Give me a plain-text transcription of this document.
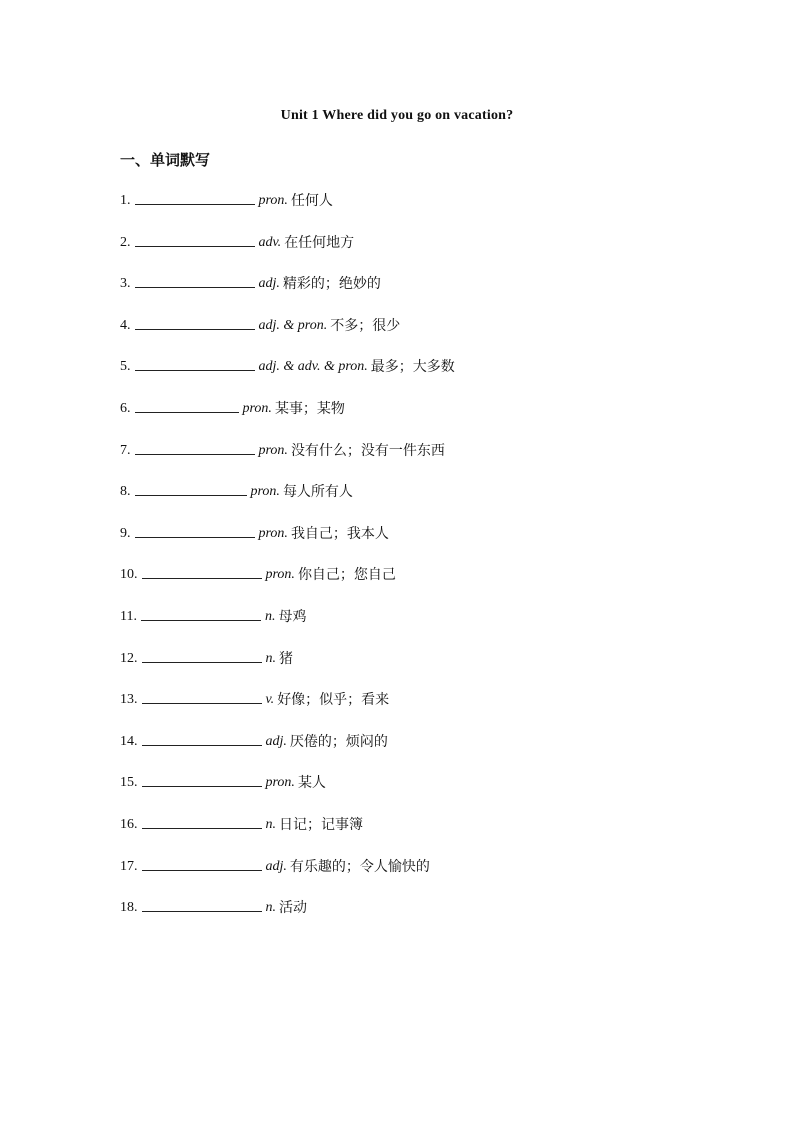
Unit 1 Where did you go on vacation?
一、单词默写
1.	pron. 任何人
2.	adv. 在任何地方
3.	adj. 精彩的；绝妙的
4.	adj. & pron. 不多；很少
5.	adj. & adv. & pron. 最多；大多数
6.	pron. 某事；某物
7.	pron. 没有什么；没有一件东西
8.	pron. 每人所有人
9.	pron. 我自己；我本人
10.	pron. 你自己；您自己
11.	n. 母鸡
12.	n. 猪
13.	v. 好像；似乎；看来
14.	adj. 厌倦的；烦闷的
15.	pron. 某人
16.	n. 日记；记事簿
17.	adj. 有乐趣的；令人愉快的
18.	n. 活动
